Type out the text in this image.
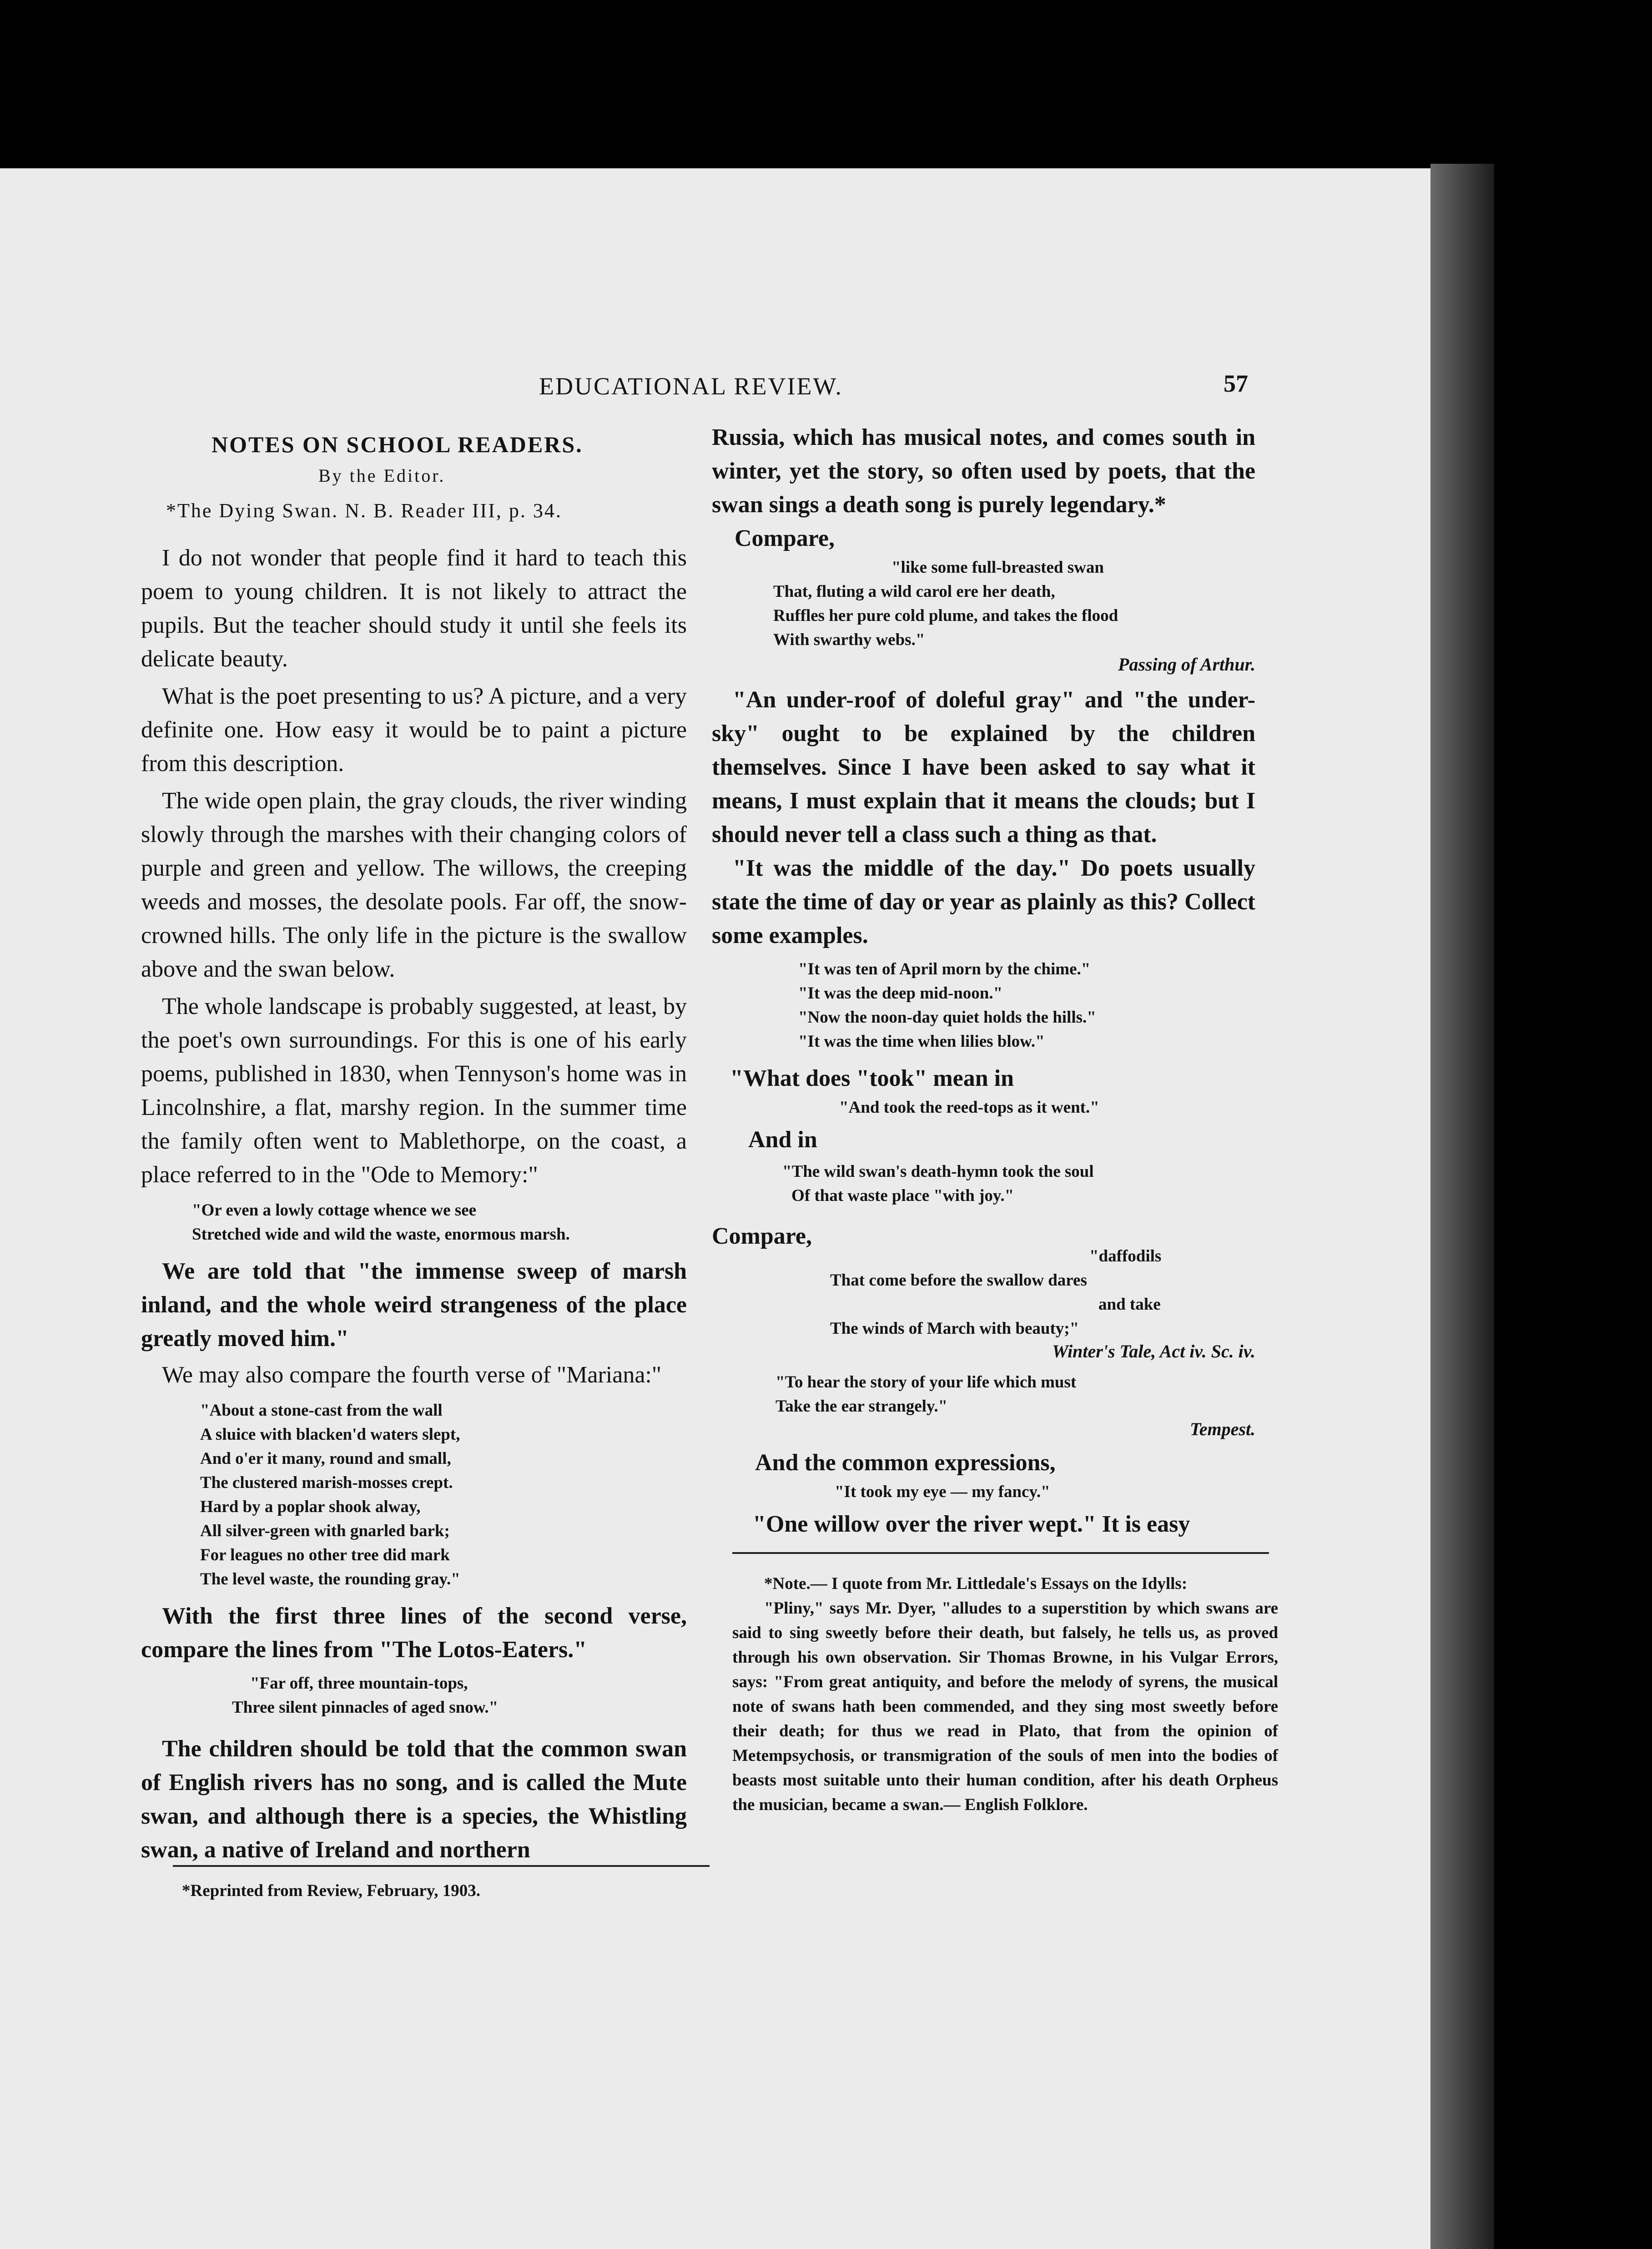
EDUCATIONAL REVIEW.	57
NOTES ON SCHOOL READERS.
By the Editor.
*The Dying Swan. N. B. Reader III, p. 34.

I do not wonder that people find it hard to teach this poem to young children. It is not likely to attract the pupils. But the teacher should study it until she feels its delicate beauty.

What is the poet presenting to us? A picture, and a very definite one. How easy it would be to paint a picture from this description.

The wide open plain, the gray clouds, the river winding slowly through the marshes with their changing colors of purple and green and yellow. The willows, the creeping weeds and mosses, the desolate pools. Far off, the snow-crowned hills. The only life in the picture is the swallow above and the swan below.

The whole landscape is probably suggested, at least, by the poet's own surroundings. For this is one of his early poems, published in 1830, when Tennyson's home was in Lincolnshire, a flat, marshy region. In the summer time the family often went to Mablethorpe, on the coast, a place referred to in the "Ode to Memory:"

"Or even a lowly cottage whence we see

Stretched wide and wild the waste, enormous marsh.

We are told that "the immense sweep of marsh inland, and the whole weird strangeness of the place greatly moved him."

We may also compare the fourth verse of "Mariana:"

"About a stone-cast from the wall

A sluice with blacken'd waters slept,

And o'er it many, round and small,

The clustered marish-mosses crept.

Hard by a poplar shook alway,

All silver-green with gnarled bark;

For leagues no other tree did mark

The level waste, the rounding gray."

With the first three lines of the second verse, compare the lines from "The Lotos-Eaters."

"Far off, three mountain-tops,

Three silent pinnacles of aged snow."

The children should be told that the common swan of English rivers has no song, and is called the Mute swan, and although there is a species, the Whistling swan, a native of Ireland and northern

*Reprinted from Review, February, 1903.

Russia, which has musical notes, and comes south in winter, yet the story, so often used by poets, that the swan sings a death song is purely legendary.*

Compare,

"like some full-breasted swan

That, fluting a wild carol ere her death,

Ruffles her pure cold plume, and takes the flood

With swarthy webs."

Passing of Arthur.

"An under-roof of doleful gray" and "the under-sky" ought to be explained by the children themselves. Since I have been asked to say what it means, I must explain that it means the clouds; but I should never tell a class such a thing as that.

"It was the middle of the day." Do poets usually state the time of day or year as plainly as this? Collect some examples.

"It was ten of April morn by the chime."

"It was the deep mid-noon."

"Now the noon-day quiet holds the hills."

"It was the time when lilies blow."

"What does "took" mean in

"And took the reed-tops as it went."

And in

"The wild swan's death-hymn took the soul

Of that waste place "with joy."

Compare,

"daffodils

That come before the swallow dares

and take

The winds of March with beauty;"

Winter's Tale, Act iv. Sc. iv.

"To hear the story of your life which must

Take the ear strangely."

Tempest.

And the common expressions,

"It took my eye — my fancy."

"One willow over the river wept." It is easy

*Note.— I quote from Mr. Littledale's Essays on the Idylls:

"Pliny," says Mr. Dyer, "alludes to a superstition by which swans are said to sing sweetly before their death, but falsely, he tells us, as proved through his own observation. Sir Thomas Browne, in his Vulgar Errors, says: "From great antiquity, and before the melody of syrens, the musical note of swans hath been commended, and they sing most sweetly before their death; for thus we read in Plato, that from the opinion of Metempsychosis, or transmigration of the souls of men into the bodies of beasts most suitable unto their human condition, after his death Orpheus the musician, became a swan.— English Folklore.
